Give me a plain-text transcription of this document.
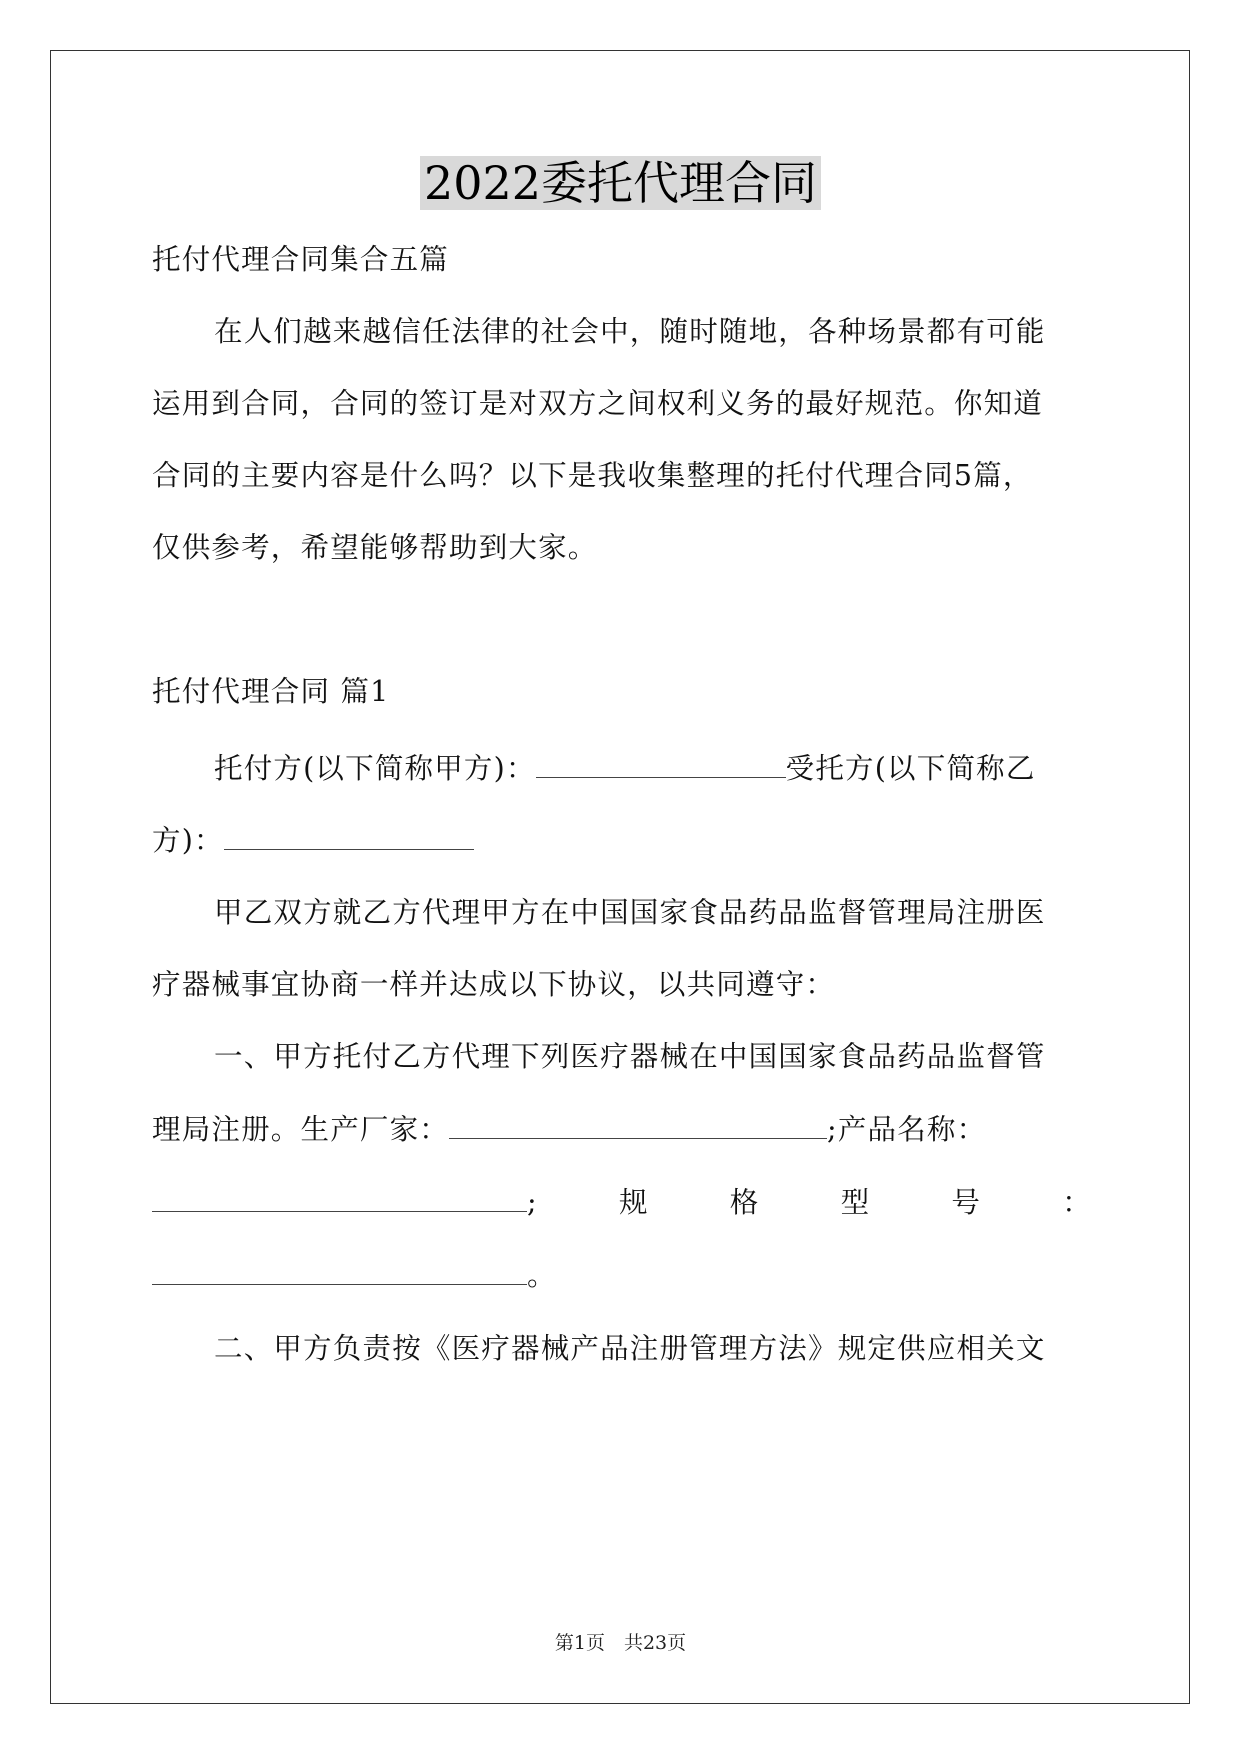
2022委托代理合同
托付代理合同集合五篇
在人们越来越信任法律的社会中，随时随地，各种场景都有可能
运用到合同，合同的签订是对双方之间权利义务的最好规范。你知道
合同的主要内容是什么吗？以下是我收集整理的托付代理合同5篇，
仅供参考，希望能够帮助到大家。
托付代理合同 篇1
托付方(以下简称甲方)：	受托方(以下简称乙
方)：
甲乙双方就乙方代理甲方在中国国家食品药品监督管理局注册医
疗器械事宜协商一样并达成以下协议，以共同遵守：
一、甲方托付乙方代理下列医疗器械在中国国家食品药品监督管
理局注册。生产厂家：	;产品名称：
;	规	格	型	号	：
。
二、甲方负责按《医疗器械产品注册管理方法》规定供应相关文
第1页　共23页
